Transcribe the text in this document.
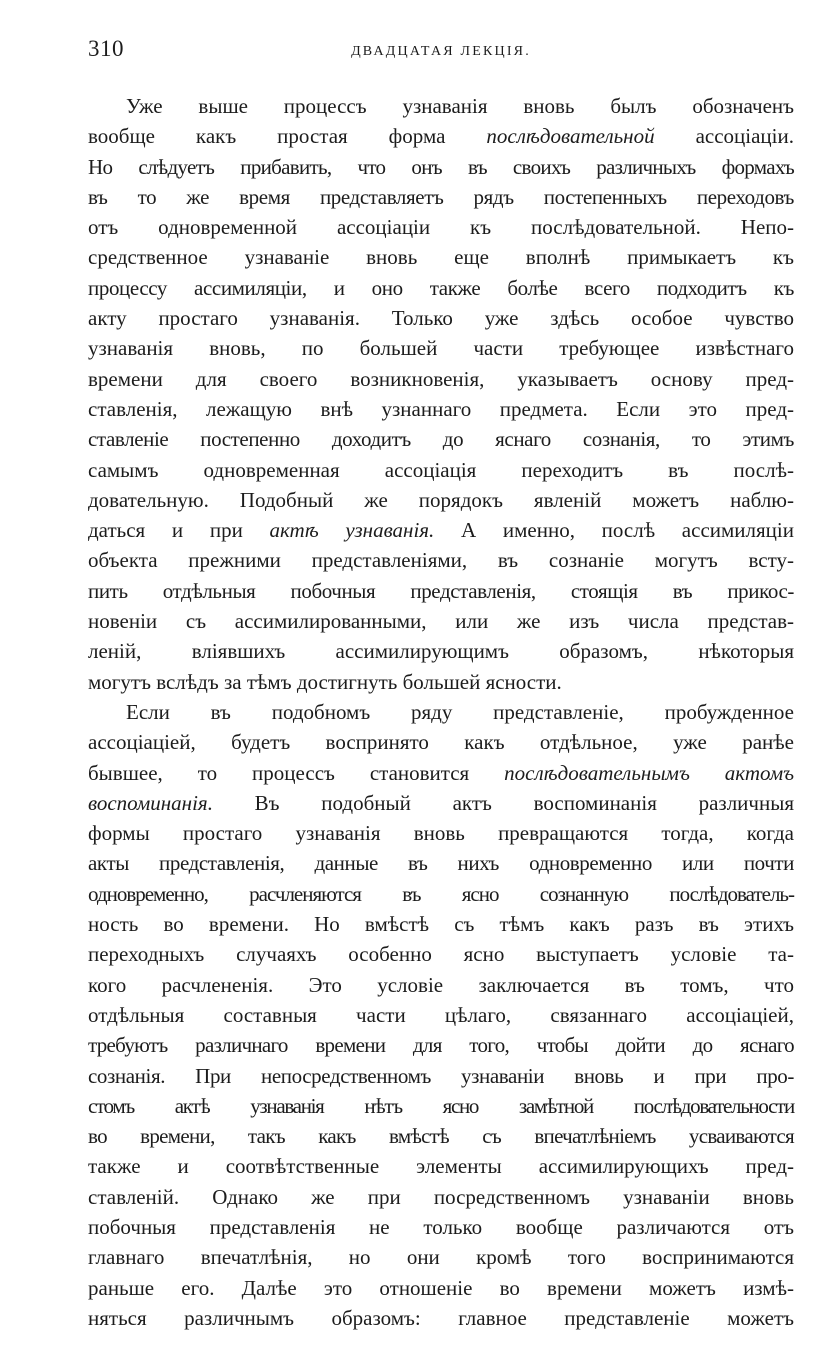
310	ДВАДЦАТАЯ ЛЕКЦІЯ.
Уже выше процессъ узнаванія вновь былъ обозначенъ
вообще какъ простая форма послѣдовательной ассоціаціи.
Но слѣдуетъ прибавить, что онъ въ своихъ различныхъ формахъ
въ то же время представляетъ рядъ постепенныхъ переходовъ
отъ одновременной ассоціаціи къ послѣдовательной. Непо-
средственное узнаваніе вновь еще вполнѣ примыкаетъ къ
процессу ассимиляціи, и оно также болѣе всего подходитъ къ
акту простаго узнаванія. Только уже здѣсь особое чувство
узнаванія вновь, по большей части требующее извѣстнаго
времени для своего возникновенія, указываетъ основу пред-
ставленія, лежащую внѣ узнаннаго предмета. Если это пред-
ставленіе постепенно доходитъ до яснаго сознанія, то этимъ
самымъ одновременная ассоціація переходитъ въ послѣ-
довательную. Подобный же порядокъ явленій можетъ наблю-
даться и при актѣ узнаванія. А именно, послѣ ассимиляціи
объекта прежними представленіями, въ сознаніе могутъ всту-
пить отдѣльныя побочныя представленія, стоящія въ прикос-
новеніи съ ассимилированными, или же изъ числа представ-
леній, вліявшихъ ассимилирующимъ образомъ, нѣкоторыя
могутъ вслѣдъ за тѣмъ достигнуть большей ясности.
Если въ подобномъ ряду представленіе, пробужденное
ассоціаціей, будетъ воспринято какъ отдѣльное, уже ранѣе
бывшее, то процессъ становится послѣдовательнымъ актомъ
воспоминанія. Въ подобный актъ воспоминанія различныя
формы простаго узнаванія вновь превращаются тогда, когда
акты представленія, данные въ нихъ одновременно или почти
одновременно, расчленяются въ ясно сознанную послѣдователь-
ность во времени. Но вмѣстѣ съ тѣмъ какъ разъ въ этихъ
переходныхъ случаяхъ особенно ясно выступаетъ условіе та-
кого расчлененія. Это условіе заключается въ томъ, что
отдѣльныя составныя части цѣлаго, связаннаго ассоціаціей,
требуютъ различнаго времени для того, чтобы дойти до яснаго
сознанія. При непосредственномъ узнаваніи вновь и при про-
стомъ актѣ узнаванія нѣтъ ясно замѣтной послѣдовательности
во времени, такъ какъ вмѣстѣ съ впечатлѣніемъ усваиваются
также и соотвѣтственные элементы ассимилирующихъ пред-
ставленій. Однако же при посредственномъ узнаваніи вновь
побочныя представленія не только вообще различаются отъ
главнаго впечатлѣнія, но они кромѣ того воспринимаются
раньше его. Далѣе это отношеніе во времени можетъ измѣ-
няться различнымъ образомъ: главное представленіе можетъ
